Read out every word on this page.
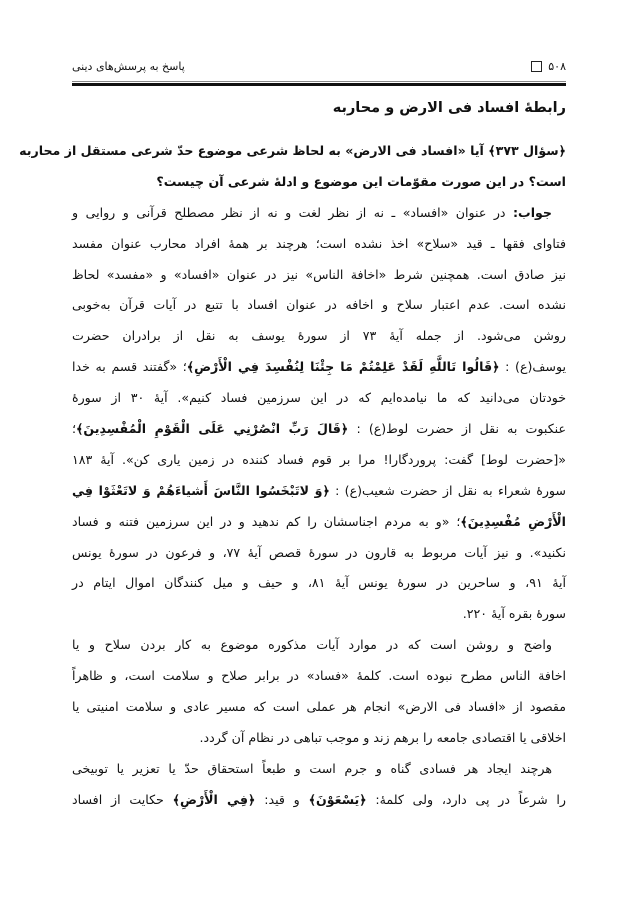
۵۰۸
پاسخ به پرسش‌های دینی
رابطهٔ افساد فی الارض و محاربه
﴿سؤال ۳۷۳﴾ آیا «افساد فی الارض» به لحاظ شرعی موضوع حدّ شرعی مستقل از محاربه
است؟ در این صورت مقوّمات این موضوع و ادلهٔ شرعی آن چیست؟
جواب: در عنوان «افساد» ـ نه از نظر لغت و نه از نظر مصطلح قرآنی و روایی و
فتاوای فقها ـ قید «سلاح» اخذ نشده است؛ هرچند بر همهٔ افراد محارب عنوان مفسد
نیز صادق است. همچنین شرط «اخافة الناس» نیز در عنوان «افساد» و «مفسد» لحاظ
نشده است. عدم اعتبار سلاح و اخافه در عنوان افساد با تتبع در آیات قرآن به‌خوبی
روشن می‌شود. از جمله آیهٔ ۷۳ از سورهٔ یوسف به نقل از برادران حضرت
یوسف(ع) : ﴿قَالُوا تَاللَّهِ لَقَدْ عَلِمْتُمْ مَا جِئْنَا لِنُفْسِدَ فِي الْأَرْضِ﴾؛ «گفتند قسم به خدا
خودتان می‌دانید که ما نیامده‌ایم که در این سرزمین فساد کنیم». آیهٔ ۳۰ از سورهٔ
عنکبوت به نقل از حضرت لوط(ع) : ﴿قَالَ رَبِّ انْصُرْنِي عَلَى الْقَوْمِ الْمُفْسِدِينَ﴾؛
«[حضرت لوط] گفت: پروردگارا! مرا بر قوم فساد کننده در زمین یاری کن». آیهٔ ۱۸۳
سورهٔ شعراء به نقل از حضرت شعیب(ع) : ﴿وَ لاتَبْخَسُوا النَّاسَ أَشياءَهُمْ وَ لاتَعْثَوْا فِي
الْأَرْضِ مُفْسِدِينَ﴾؛ «و به مردم اجناسشان را کم ندهید و در این سرزمین فتنه و فساد
نکنید». و نیز آیات مربوط به قارون در سورهٔ قصص آیهٔ ۷۷، و فرعون در سورهٔ یونس
آیهٔ ۹۱، و ساحرین در سورهٔ یونس آیهٔ ۸۱، و حیف و میل کنندگان اموال ایتام در
سورهٔ بقره آیهٔ ۲۲۰.
واضح و روشن است که در موارد آیات مذکوره موضوع به کار بردن سلاح و یا
اخافة الناس مطرح نبوده است. کلمهٔ «فساد» در برابر صلاح و سلامت است، و ظاهراً
مقصود از «افساد فی الارض» انجام هر عملی است که مسیر عادی و سلامت امنیتی یا
اخلاقی یا اقتصادی جامعه را برهم زند و موجب تباهی در نظام آن گردد.
هرچند ایجاد هر فسادی گناه و جرم است و طبعاً استحقاق حدّ یا تعزیر یا توبیخی
را شرعاً در پی دارد، ولی کلمهٔ: ﴿يَسْعَوْنَ﴾ و قید: ﴿فِي الْأَرْضِ﴾ حکایت از افساد
